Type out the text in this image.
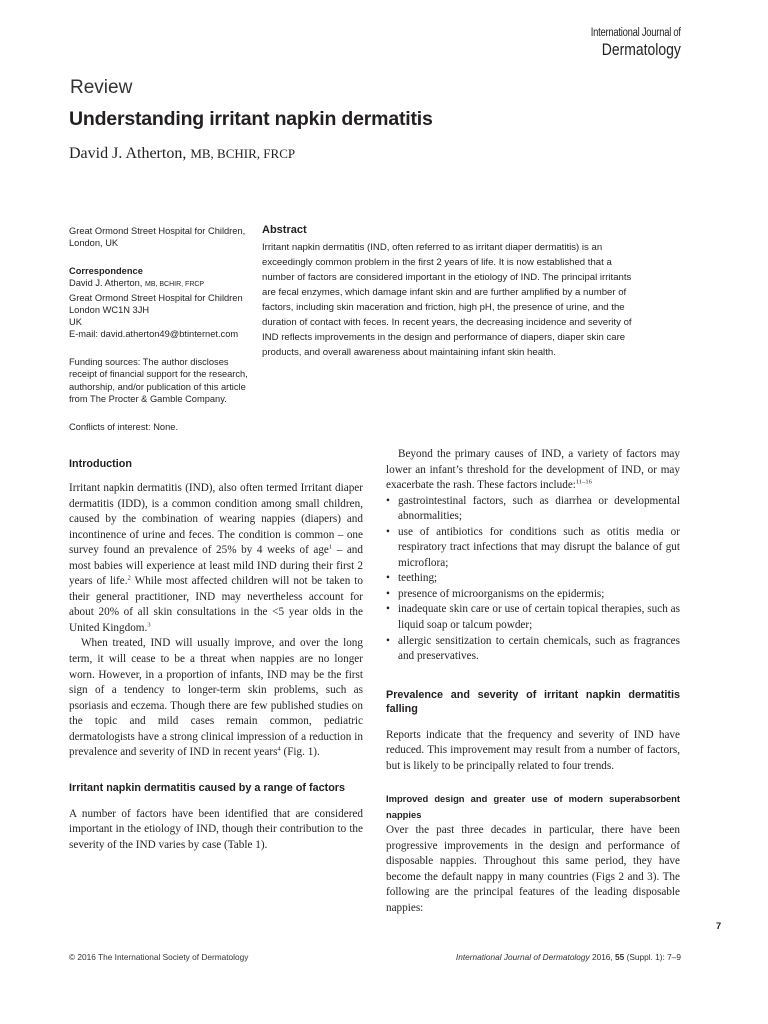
International Journal of
Dermatology
Review
Understanding irritant napkin dermatitis
David J. Atherton, MB, BCHIR, FRCP
Great Ormond Street Hospital for Children,
London, UK
Correspondence
David J. Atherton, MB, BCHIR, FRCP
Great Ormond Street Hospital for Children
London WC1N 3JH
UK
E-mail: david.atherton49@btinternet.com
Funding sources: The author discloses
receipt of financial support for the research,
authorship, and/or publication of this article
from The Procter & Gamble Company.
Conflicts of interest: None.
Abstract
Irritant napkin dermatitis (IND, often referred to as irritant diaper dermatitis) is an
exceedingly common problem in the first 2 years of life. It is now established that a
number of factors are considered important in the etiology of IND. The principal irritants
are fecal enzymes, which damage infant skin and are further amplified by a number of
factors, including skin maceration and friction, high pH, the presence of urine, and the
duration of contact with feces. In recent years, the decreasing incidence and severity of
IND reflects improvements in the design and performance of diapers, diaper skin care
products, and overall awareness about maintaining infant skin health.
Introduction

Irritant napkin dermatitis (IND), also often termed Irritant diaper dermatitis (IDD), is a common condition among small children, caused by the combination of wearing nappies (diapers) and incontinence of urine and feces. The condition is common – one survey found an prevalence of 25% by 4 weeks of age$^1$ – and most babies will experience at least mild IND during their first 2 years of life.$^2$ While most affected children will not be taken to their general practitioner, IND may nevertheless account for about 20% of all skin consultations in the <5 year olds in the United Kingdom.$^3$

When treated, IND will usually improve, and over the long term, it will cease to be a threat when nappies are no longer worn. However, in a proportion of infants, IND may be the first sign of a tendency to longer-term skin problems, such as psoriasis and eczema. Though there are few published studies on the topic and mild cases remain common, pediatric dermatologists have a strong clinical impression of a reduction in prevalence and severity of IND in recent years$^4$ (Fig. 1).

Irritant napkin dermatitis caused by a range of factors

A number of factors have been identified that are considered important in the etiology of IND, though their contribution to the severity of the IND varies by case (Table 1).

Beyond the primary causes of IND, a variety of factors may lower an infant’s threshold for the development of IND, or may exacerbate the rash. These factors include:$^{11-16}$

• gastrointestinal factors, such as diarrhea or developmental abnormalities;
• use of antibiotics for conditions such as otitis media or respiratory tract infections that may disrupt the balance of gut microflora;
• teething;
• presence of microorganisms on the epidermis;
• inadequate skin care or use of certain topical therapies, such as liquid soap or talcum powder;
• allergic sensitization to certain chemicals, such as fragrances and preservatives.
Prevalence and severity of irritant napkin dermatitis falling

Reports indicate that the frequency and severity of IND have reduced. This improvement may result from a number of factors, but is likely to be principally related to four trends.

Improved design and greater use of modern superabsorbent nappies

Over the past three decades in particular, there have been progressive improvements in the design and performance of disposable nappies. Throughout this same period, they have become the default nappy in many countries (Figs 2 and 3). The following are the principal features of the leading disposable nappies:

7
© 2016 The International Society of Dermatology	International Journal of Dermatology 2016, 55 (Suppl. 1): 7–9
